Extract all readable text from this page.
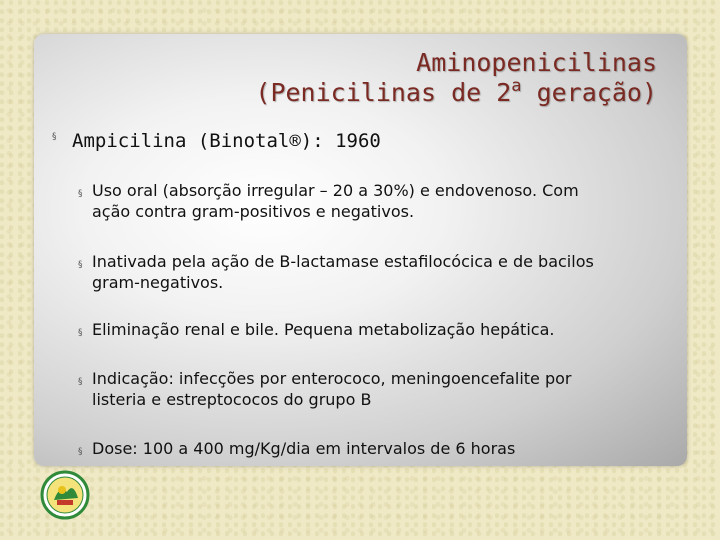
Aminopenicilinas
(Penicilinas de 2$^a$ geração)
§ Ampicilina (Binotal®): 1960
§ Uso oral (absorção irregular – 20 a 30%) e endovenoso. Com
ação contra gram-positivos e negativos.
§ Inativada pela ação de B-lactamase estafilocócica e de bacilos
gram-negativos.
§ Eliminação renal e bile. Pequena metabolização hepática.
§ Indicação: infecções por enterococo, meningoencefalite por
listeria e estreptococos do grupo B
§ Dose: 100 a 400 mg/Kg/dia em intervalos de 6 horas
